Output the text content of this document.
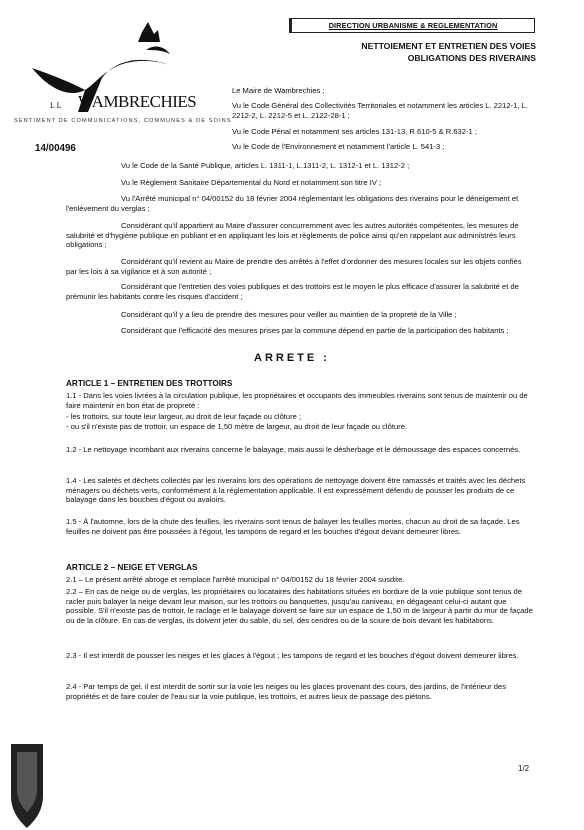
DIRECTION URBANISME & REGLEMENTATION
NETTOIEMENT ET ENTRETIEN DES VOIES
OBLIGATIONS DES RIVERAINS
L L WAMBRECHIES
SENTIMENT DE COMMUNICATIONS, COMMUNES & DE SOINS
14/00496
Le Maire de Wambrechies ;
Vu le Code Général des Collectivités Territoriales et notamment les articles L. 2212-1, L. 2212-2, L. 2212-5 et L. 2122-28-1 ;
Vu le Code Pénal et notamment ses articles 131-13, R.610-5 & R.632-1 ;
Vu le Code de l'Environnement et notamment l'article L. 541-3 ;
Vu le Code de la Santé Publique, articles L. 1311-1, L.1311-2, L. 1312-1 et L. 1312-2 ;
Vu le Règlement Sanitaire Départemental du Nord et notamment son titre IV ;
Vu l'Arrêté municipal n° 04/00152 du 18 février 2004 réglementant les obligations des riverains pour le déneigement et l'enlèvement du verglas ;
Considérant qu'il appartient au Maire d'assurer concurremment avec les autres autorités compétentes, les mesures de salubrité et d'hygiène publique en publiant et en appliquant les lois et règlements de police ainsi qu'en rappelant aux administrés leurs obligations ;
Considérant qu'il revient au Maire de prendre des arrêtés à l'effet d'ordonner des mesures locales sur les objets confiés par les lois à sa vigilance et à son autorité ;
Considérant que l'entretien des voies publiques et des trottoirs est le moyen le plus efficace d'assurer la salubrité et de prémunir les habitants contre les risques d'accident ;
Considérant qu'il y a lieu de prendre des mesures pour veiller au maintien de la propreté de la Ville ;
Considérant que l'efficacité des mesures prises par la commune dépend en partie de la participation des habitants ;
ARRETE :
ARTICLE 1 – ENTRETIEN DES TROTTOIRS
1.1 - Dans les voies livrées à la circulation publique, les propriétaires et occupants des immeubles riverains sont tenus de maintenir ou de faire maintenir en bon état de propreté :
- les trottoirs, sur toute leur largeur, au droit de leur façade ou clôture ;
- ou s'il n'existe pas de trottoir, un espace de 1,50 mètre de largeur, au droit de leur façade ou clôture.
1.2 - Le nettoyage incombant aux riverains concerne le balayage, mais aussi le désherbage et le démoussage des espaces concernés.
1.4 - Les saletés et déchets collectés par les riverains lors des opérations de nettoyage doivent être ramassés et traités avec les déchets ménagers ou déchets verts, conformément à la réglementation applicable. Il est expressément défendu de pousser les produits de ce balayage dans les bouches d'égout ou avaloirs.
1.5 - À l'automne, lors de la chute des feuilles, les riverains sont tenus de balayer les feuilles mortes, chacun au droit de sa façade. Les feuilles ne doivent pas être poussées à l'égout, les tampons de regard et les bouches d'égout devant demeurer libres.
ARTICLE 2 – NEIGE ET VERGLAS
2.1 – Le présent arrêté abroge et remplace l'arrêté municipal n° 04/00152 du 18 février 2004 susdite.
2.2 – En cas de neige ou de verglas, les propriétaires ou locataires des habitations situées en bordure de la voie publique sont tenus de racler puis balayer la neige devant leur maison, sur les trottoirs ou banquettes, jusqu'au caniveau, en dégageant celui-ci autant que possible. S'il n'existe pas de trottoir, le raclage et le balayage doivent se faire sur un espace de 1,50 m de largeur à partir du mur de façade ou de la clôture. En cas de verglas, ils doivent jeter du sable, du sel, des cendres ou de la sciure de bois devant les habitations.
2.3 - Il est interdit de pousser les neiges et les glaces à l'égout ; les tampons de regard et les bouches d'égout doivent demeurer libres.
2.4 - Par temps de gel, il est interdit de sortir sur la voie les neiges ou les glaces provenant des cours, des jardins, de l'intérieur des propriétés et de faire couler de l'eau sur la voie publique, les trottoirs, et autres lieux de passage des piétons.
1/2
